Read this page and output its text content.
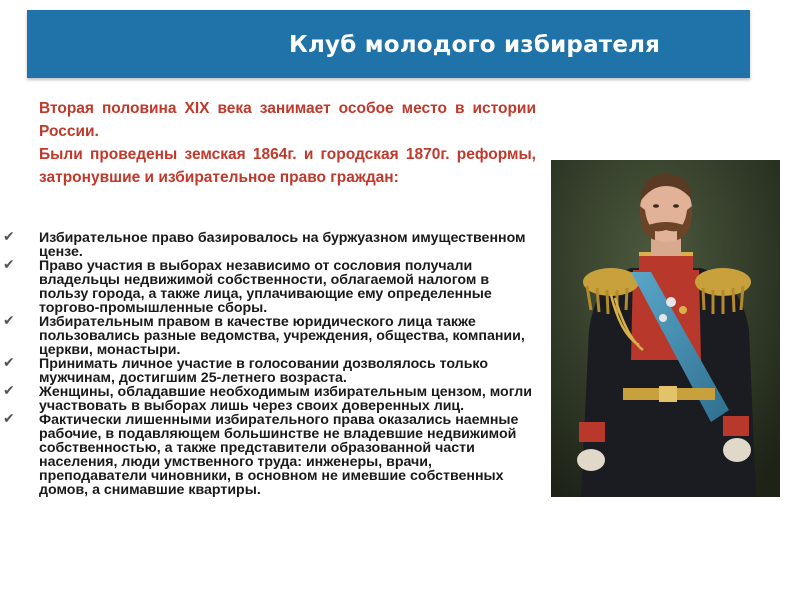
Клуб молодого избирателя

Вторая половина XIX века занимает особое место в истории России.

Были проведены земская 1864г. и городская 1870г. реформы, затронувшие и избирательное право граждан:

✔ Избирательное право базировалось на буржуазном имущественном цензе.
✔ Право участия в выборах независимо от сословия получали владельцы недвижимой собственности, облагаемой налогом в пользу города, а также лица, уплачивающие ему определенные торгово-промышленные сборы.
✔ Избирательным правом в качестве юридического лица также пользовались разные ведомства, учреждения, общества, компании, церкви, монастыри.
✔ Принимать личное участие в голосовании дозволялось только мужчинам, достигшим 25-летнего возраста.
✔ Женщины, обладавшие необходимым избирательным цензом, могли участвовать в выборах лишь через своих доверенных лиц.
✔ Фактически лишенными избирательного права оказались наемные рабочие, в подавляющем большинстве не владевшие недвижимой собственностью, а также представители образованной части населения, люди умственного труда: инженеры, врачи, преподаватели чиновники, в основном не имевшие собственных домов, а снимавшие квартиры.
